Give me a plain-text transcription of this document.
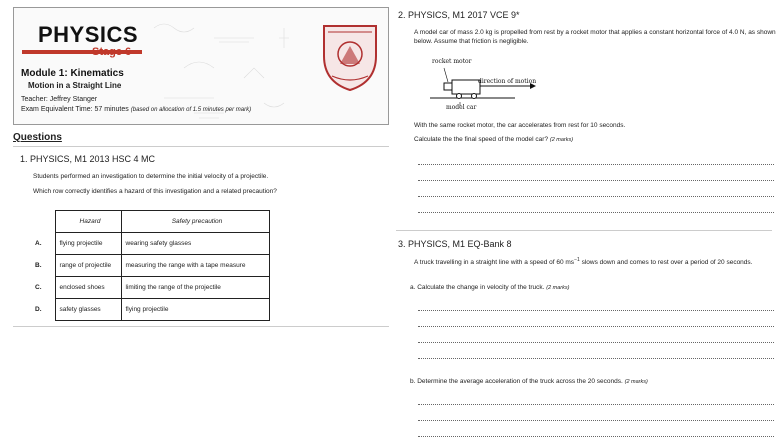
PHYSICS
Stage 6
Module 1: Kinematics
Motion in a Straight Line
Teacher: Jeffrey Stanger
Exam Equivalent Time: 57 minutes (based on allocation of 1.5 minutes per mark)
Questions
1. PHYSICS, M1 2013 HSC 4 MC
Students performed an investigation to determine the initial velocity of a projectile.
Which row correctly identifies a hazard of this investigation and a related precaution?
	Hazard	Safety precaution
A.	flying projectile	wearing safety glasses
B.	range of projectile	measuring the range with a tape measure
C.	enclosed shoes	limiting the range of the projectile
D.	safety glasses	flying projectile
2. PHYSICS, M1 2017 VCE 9*
A model car of mass 2.0 kg is propelled from rest by a rocket motor that applies a constant horizontal force of 4.0 N, as shown below. Assume that friction is negligible.
rocket motor
direction of motion
model car
With the same rocket motor, the car accelerates from rest for 10 seconds.
Calculate the the final speed of the model car? (2 marks)
3. PHYSICS, M1 EQ-Bank 8
A truck travelling in a straight line with a speed of 60 $ms^{-1}$ slows down and comes to rest over a period of 20 seconds.
a. Calculate the change in velocity of the truck. (2 marks)
b. Determine the average acceleration of the truck across the 20 seconds. (2 marks)
